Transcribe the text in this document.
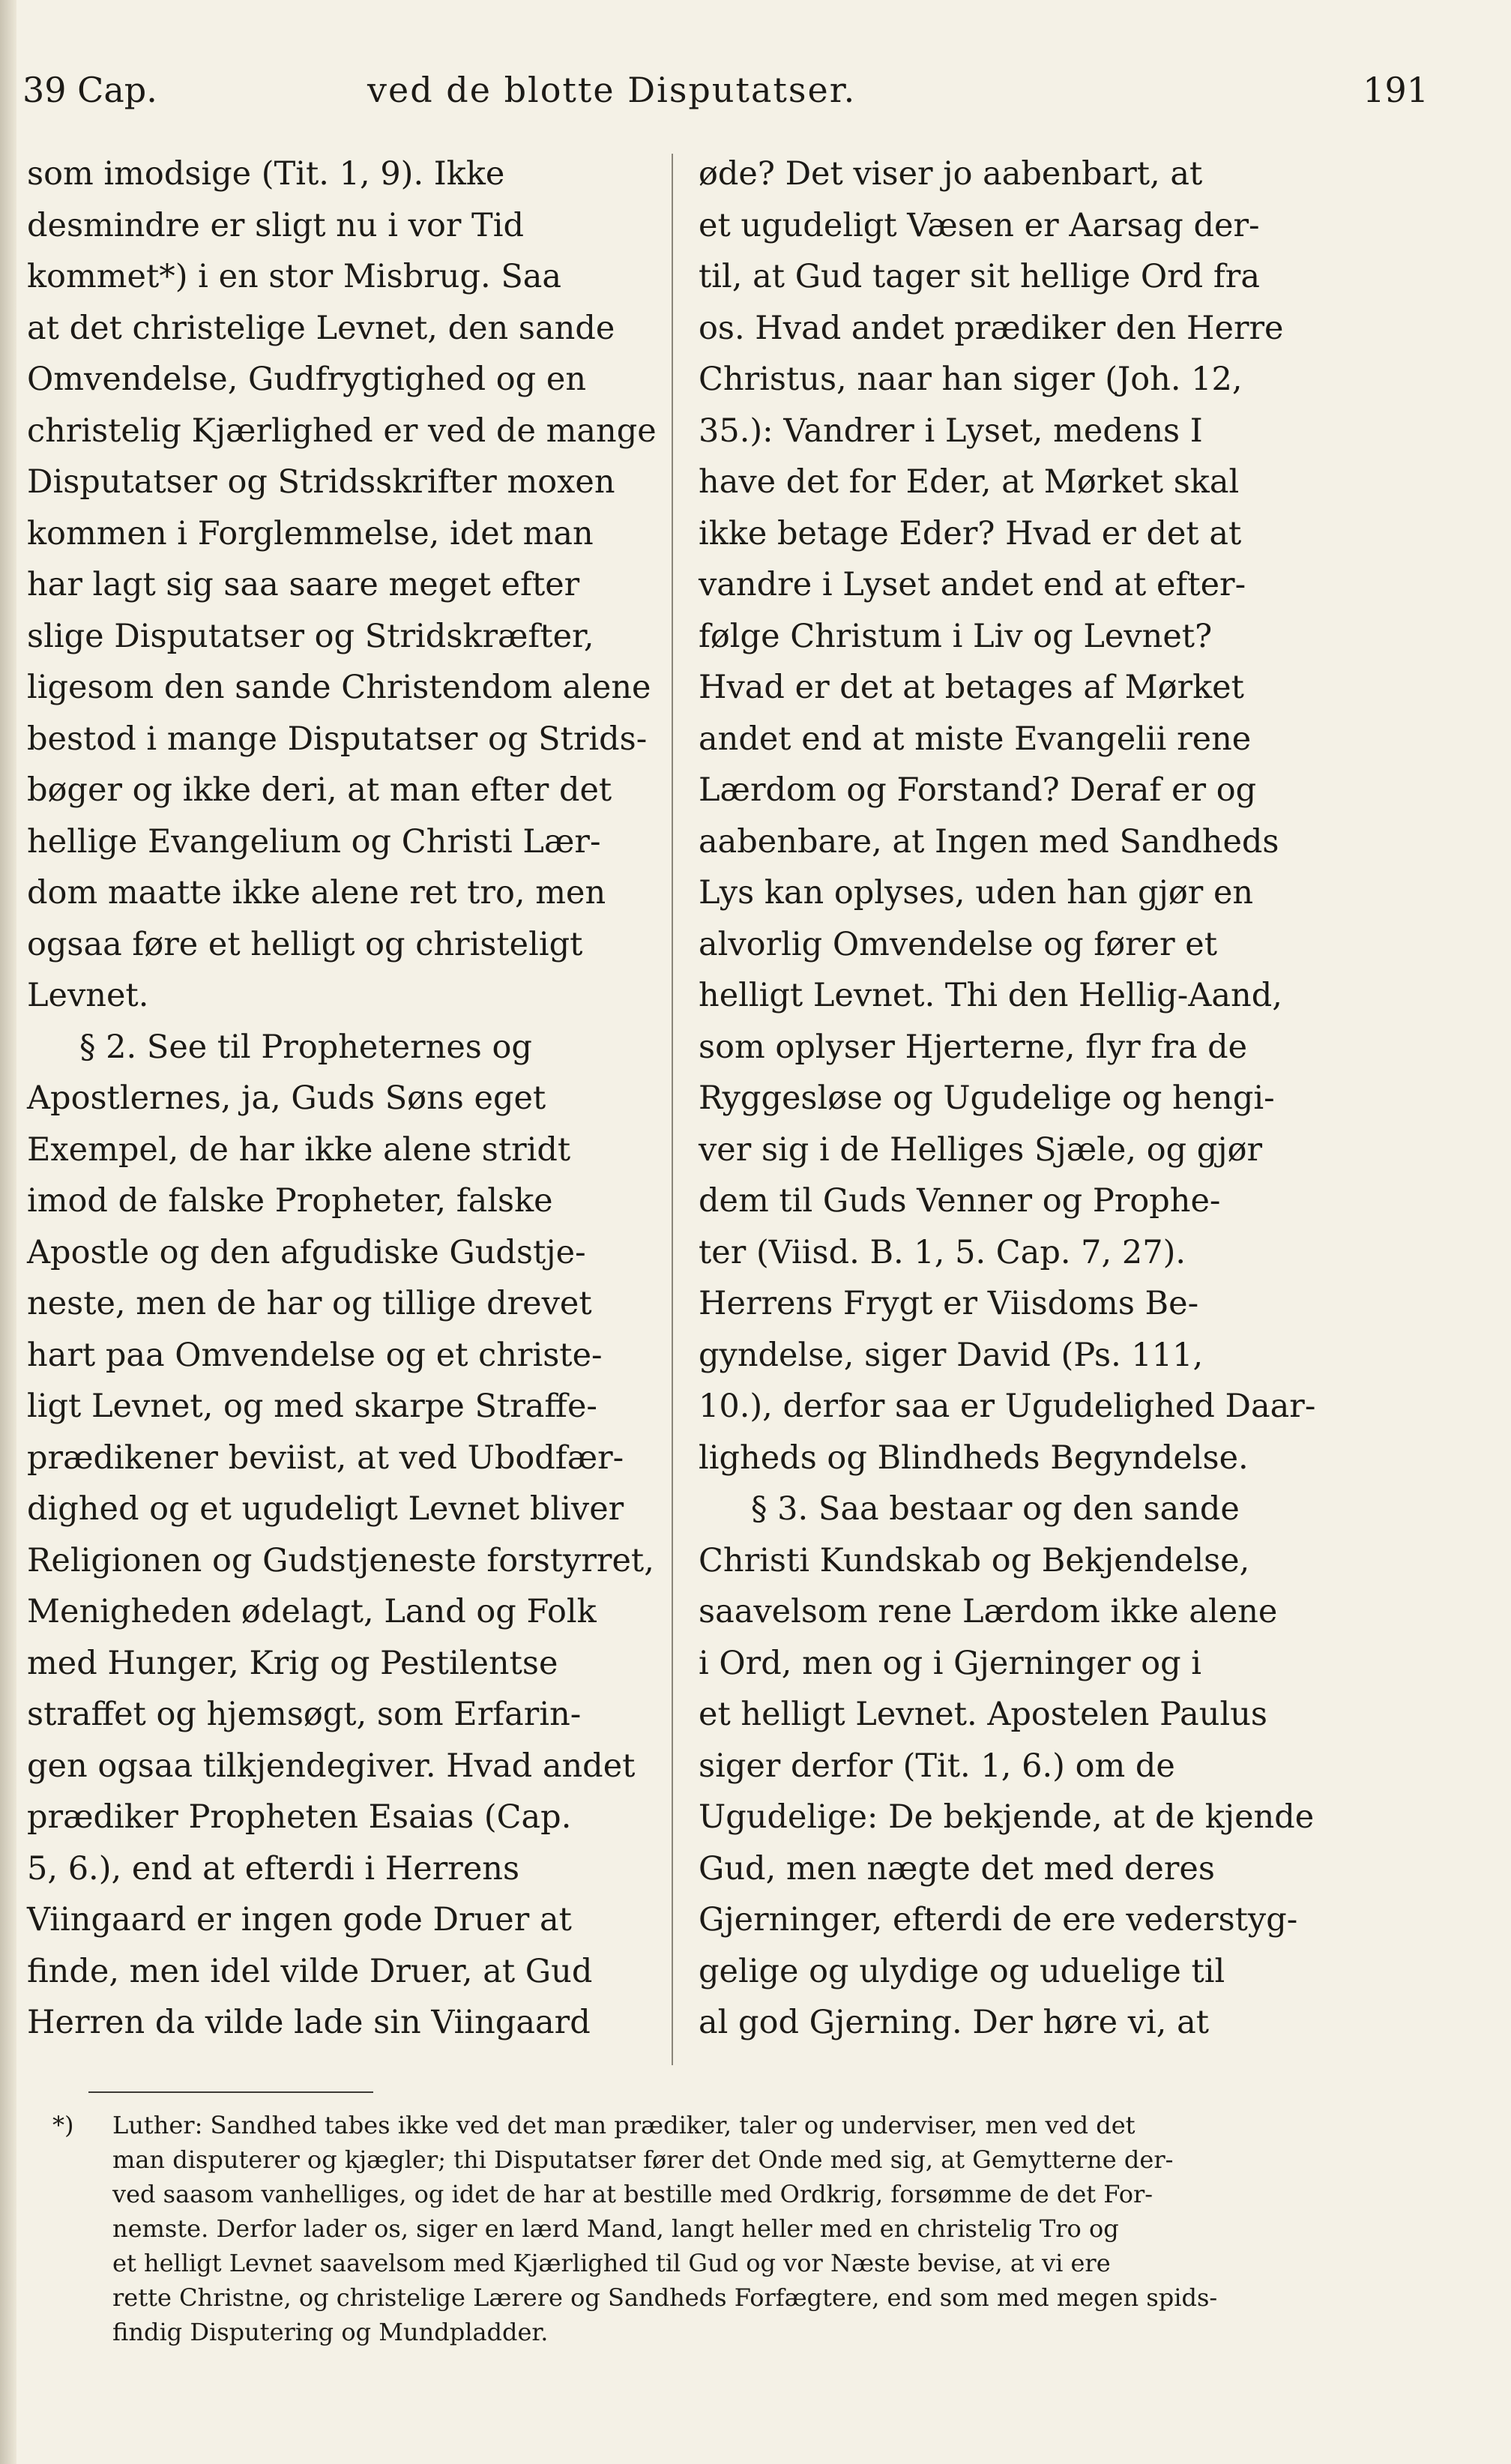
39 Cap.	ved de blotte Disputatser.	191
som imodsige (Tit. 1, 9). Ikke
desmindre er sligt nu i vor Tid
kommet*) i en stor Misbrug. Saa
at det christelige Levnet, den sande
Omvendelse, Gudfrygtighed og en
christelig Kjærlighed er ved de mange
Disputatser og Stridsskrifter moxen
kommen i Forglemmelse, idet man
har lagt sig saa saare meget efter
slige Disputatser og Stridskræfter,
ligesom den sande Christendom alene
bestod i mange Disputatser og Strids-
bøger og ikke deri, at man efter det
hellige Evangelium og Christi Lær-
dom maatte ikke alene ret tro, men
ogsaa føre et helligt og christeligt
Levnet.
§ 2. See til Propheternes og
Apostlernes, ja, Guds Søns eget
Exempel, de har ikke alene stridt
imod de falske Propheter, falske
Apostle og den afgudiske Gudstje-
neste, men de har og tillige drevet
hart paa Omvendelse og et christe-
ligt Levnet, og med skarpe Straffe-
prædikener beviist, at ved Ubodfær-
dighed og et ugudeligt Levnet bliver
Religionen og Gudstjeneste forstyrret,
Menigheden ødelagt, Land og Folk
med Hunger, Krig og Pestilentse
straffet og hjemsøgt, som Erfarin-
gen ogsaa tilkjendegiver. Hvad andet
prædiker Propheten Esaias (Cap.
5, 6.), end at efterdi i Herrens
Viingaard er ingen gode Druer at
finde, men idel vilde Druer, at Gud
Herren da vilde lade sin Viingaard
øde? Det viser jo aabenbart, at
et ugudeligt Væsen er Aarsag der-
til, at Gud tager sit hellige Ord fra
os. Hvad andet prædiker den Herre
Christus, naar han siger (Joh. 12,
35.): Vandrer i Lyset, medens I
have det for Eder, at Mørket skal
ikke betage Eder? Hvad er det at
vandre i Lyset andet end at efter-
følge Christum i Liv og Levnet?
Hvad er det at betages af Mørket
andet end at miste Evangelii rene
Lærdom og Forstand? Deraf er og
aabenbare, at Ingen med Sandheds
Lys kan oplyses, uden han gjør en
alvorlig Omvendelse og fører et
helligt Levnet. Thi den Hellig-Aand,
som oplyser Hjerterne, flyr fra de
Ryggesløse og Ugudelige og hengi-
ver sig i de Helliges Sjæle, og gjør
dem til Guds Venner og Prophe-
ter (Viisd. B. 1, 5. Cap. 7, 27).
Herrens Frygt er Viisdoms Be-
gyndelse, siger David (Ps. 111,
10.), derfor saa er Ugudelighed Daar-
ligheds og Blindheds Begyndelse.
§ 3. Saa bestaar og den sande
Christi Kundskab og Bekjendelse,
saavelsom rene Lærdom ikke alene
i Ord, men og i Gjerninger og i
et helligt Levnet. Apostelen Paulus
siger derfor (Tit. 1, 6.) om de
Ugudelige: De bekjende, at de kjende
Gud, men nægte det med deres
Gjerninger, efterdi de ere vederstyg-
gelige og ulydige og uduelige til
al god Gjerning. Der høre vi, at
*) Luther: Sandhed tabes ikke ved det man prædiker, taler og underviser, men ved det
man disputerer og kjægler; thi Disputatser fører det Onde med sig, at Gemytterne der-
ved saasom vanhelliges, og idet de har at bestille med Ordkrig, forsømme de det For-
nemste. Derfor lader os, siger en lærd Mand, langt heller med en christelig Tro og
et helligt Levnet saavelsom med Kjærlighed til Gud og vor Næste bevise, at vi ere
rette Christne, og christelige Lærere og Sandheds Forfægtere, end som med megen spids-
findig Disputering og Mundpladder.
